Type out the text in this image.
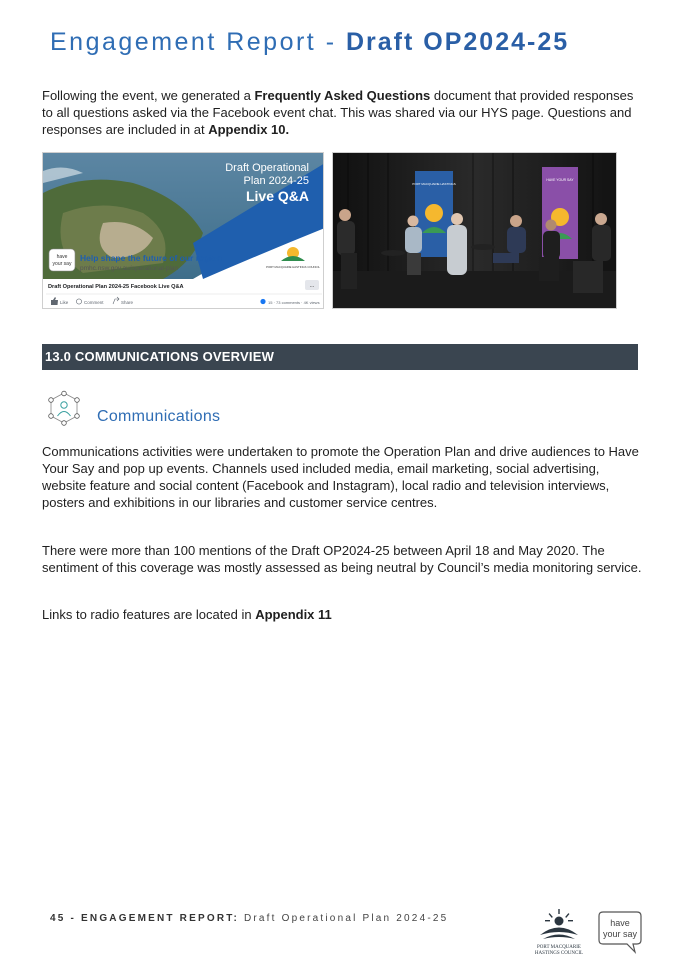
Engagement Report - Draft OP2024-25

Following the event, we generated a Frequently Asked Questions document that provided responses to all questions asked via the Facebook event chat. This was shared via our HYS page. Questions and responses are included in at Appendix 10.

Draft Operational
Plan 2024-25
Live Q&A
have
your say
Help shape the future of our region
pmhc.nsw.gov.au/operational-plan	PORT MACQUARIE HASTINGS COUNCIL
Draft Operational Plan 2024-25 Facebook Live Q&A	...
Like	Comment	Share	15 · 73 comments · 4K views
PORT MACQUARIE HASTINGS
HAVE YOUR SAY
13.0 COMMUNICATIONS OVERVIEW
Communications

Communications activities were undertaken to promote the Operation Plan and drive audiences to Have Your Say and pop up events. Channels used included media, email marketing, social advertising, website feature and social content (Facebook and Instagram), local radio and television interviews, posters and exhibitions in our libraries and customer service centres.

There were more than 100 mentions of the Draft OP2024-25 between April 18 and May 2020. The sentiment of this coverage was mostly assessed as being neutral by Council’s media monitoring service.

Links to radio features are located in Appendix 11

45 - ENGAGEMENT REPORT: Draft Operational Plan 2024-25
PORT MACQUARIE
HASTINGS COUNCIL
have
your say
